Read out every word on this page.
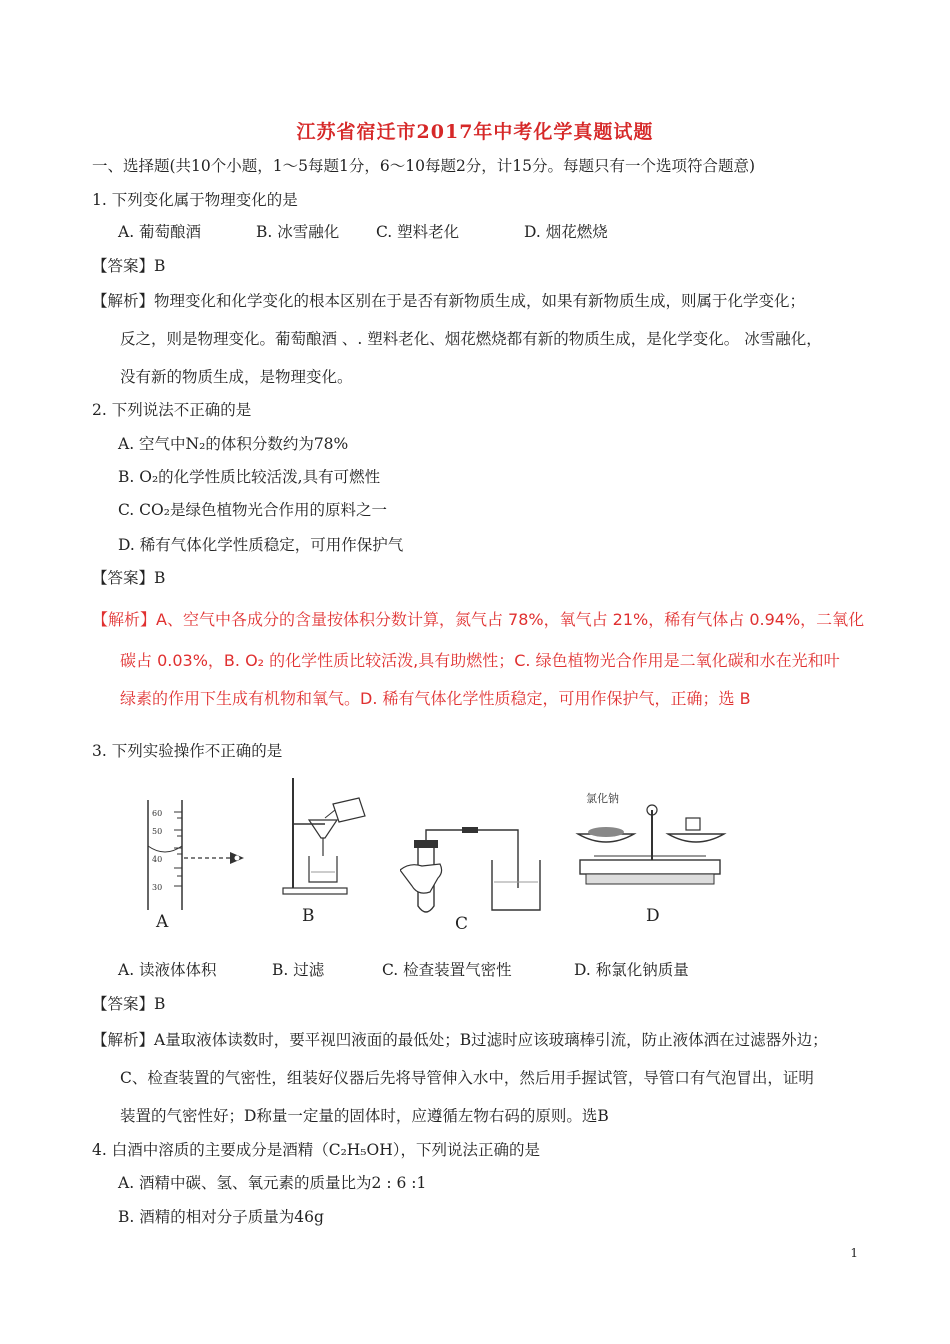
江苏省宿迁市2017年中考化学真题试题
一、选择题(共10个小题，1～5每题1分，6～10每题2分，计15分。每题只有一个选项符合题意)
1. 下列变化属于物理变化的是
A. 葡萄酿酒	B. 冰雪融化 C. 塑料老化	D. 烟花燃烧
【答案】B
【解析】物理变化和化学变化的根本区别在于是否有新物质生成，如果有新物质生成，则属于化学变化；
反之，则是物理变化。葡萄酿酒 、. 塑料老化、烟花燃烧都有新的物质生成，是化学变化。 冰雪融化，
没有新的物质生成，是物理变化。
2. 下列说法不正确的是
A. 空气中N₂的体积分数约为78%
B. O₂的化学性质比较活泼,具有可燃性
C. CO₂是绿色植物光合作用的原料之一
D. 稀有气体化学性质稳定，可用作保护气
【答案】B
【解析】A、空气中各成分的含量按体积分数计算，氮气占 78%，氧气占 21%，稀有气体占 0.94%，二氧化
碳占 0.03%，B. O₂ 的化学性质比较活泼,具有助燃性；C. 绿色植物光合作用是二氧化碳和水在光和叶
绿素的作用下生成有机物和氧气。D. 稀有气体化学性质稳定，可用作保护气，正确；选 B
3. 下列实验操作不正确的是
60
50
40
30
A	B	C
氯化钠
D
A. 读液体体积	B. 过滤	C. 检查装置气密性	D. 称氯化钠质量
【答案】B
【解析】A量取液体读数时，要平视凹液面的最低处；B过滤时应该玻璃棒引流，防止液体洒在过滤器外边；
C、检查装置的气密性，组装好仪器后先将导管伸入水中，然后用手握试管，导管口有气泡冒出，证明
装置的气密性好；D称量一定量的固体时，应遵循左物右码的原则。选B
4. 白酒中溶质的主要成分是酒精（C₂H₅OH），下列说法正确的是
A. 酒精中碳、氢、氧元素的质量比为2 : 6 :1
B. 酒精的相对分子质量为46g
1
